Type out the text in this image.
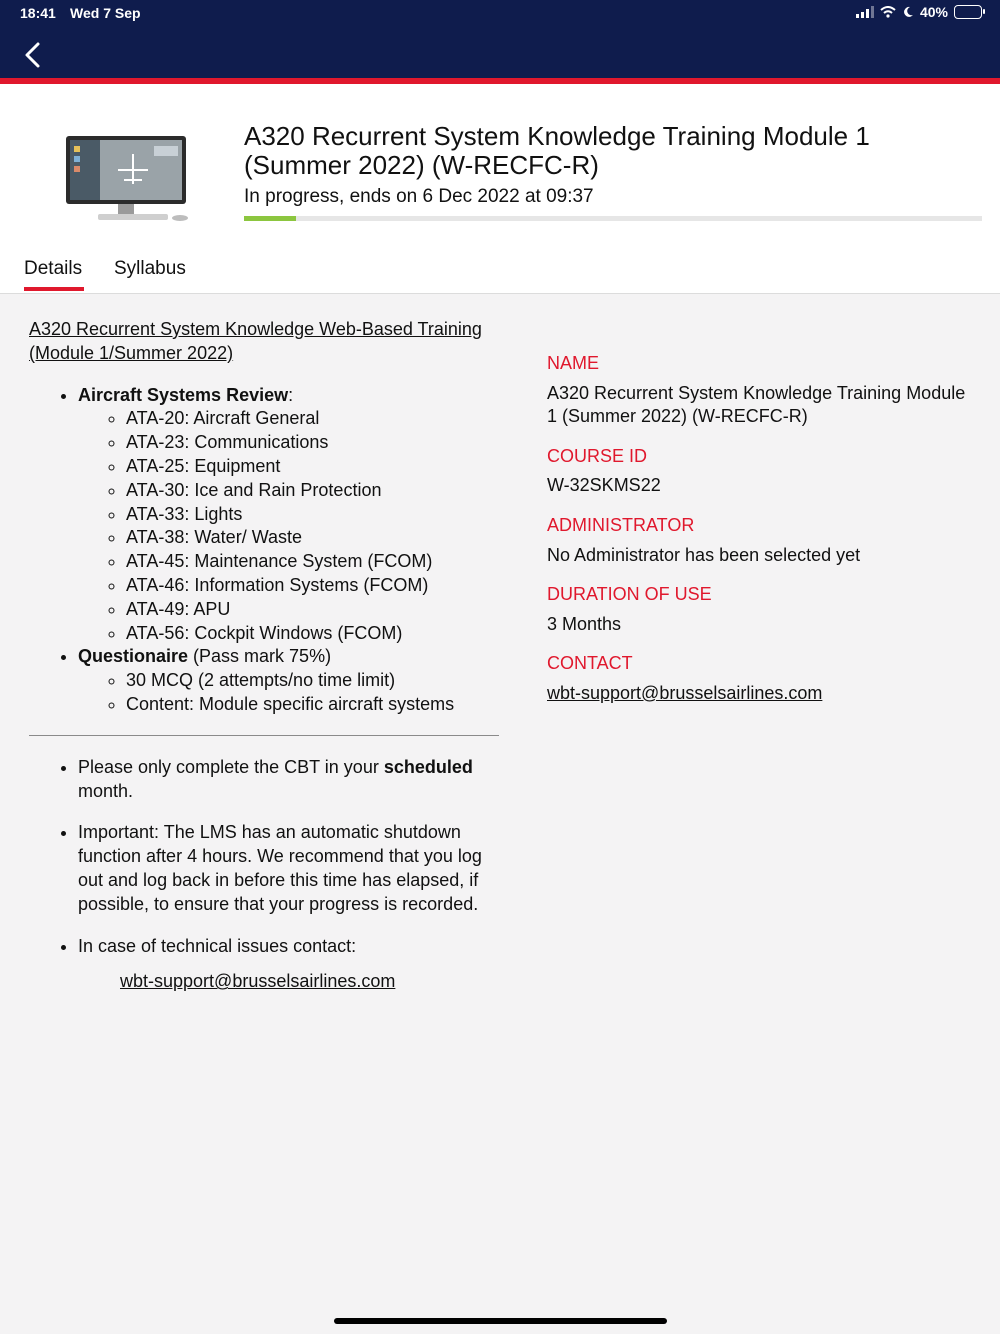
18:41 Wed 7 Sep	40%
A320 Recurrent System Knowledge Training Module 1 (Summer 2022) (W-RECFC-R)
In progress, ends on 6 Dec 2022 at 09:37
Details Syllabus
A320 Recurrent System Knowledge Web-Based Training (Module 1/Summer 2022)
• Aircraft Systems Review:
◦ ATA-20: Aircraft General
◦ ATA-23: Communications
◦ ATA-25: Equipment
◦ ATA-30: Ice and Rain Protection
◦ ATA-33: Lights
◦ ATA-38: Water/ Waste
◦ ATA-45: Maintenance System (FCOM)
◦ ATA-46: Information Systems (FCOM)
◦ ATA-49: APU
◦ ATA-56: Cockpit Windows (FCOM)
• Questionaire (Pass mark 75%)
◦ 30 MCQ (2 attempts/no time limit)
◦ Content: Module specific aircraft systems
• Please only complete the CBT in your scheduled month.
• Important: The LMS has an automatic shutdown function after 4 hours. We recommend that you log out and log back in before this time has elapsed, if possible, to ensure that your progress is recorded.
• In case of technical issues contact:
wbt-support@brusselsairlines.com
NAME
A320 Recurrent System Knowledge Training Module 1 (Summer 2022) (W-RECFC-R)
COURSE ID
W-32SKMS22
ADMINISTRATOR
No Administrator has been selected yet
DURATION OF USE
3 Months
CONTACT
wbt-support@brusselsairlines.com
